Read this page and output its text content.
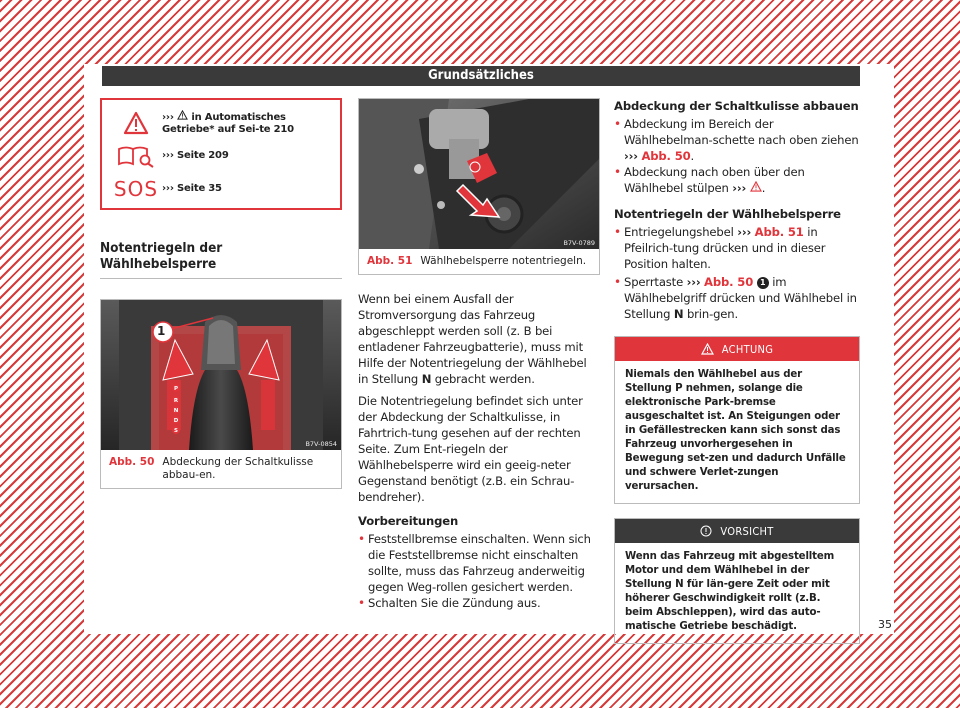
Grundsätzliches
›››  in Automatisches Getriebe* auf Sei-te 210
››› Seite 209
SOS ››› Seite 35
Notentriegeln der Wählhebelsperre
1
P
R
N
D
S
B7V-0854
Abb. 50 Abdeckung der Schaltkulisse abbau-en.
B7V-0789
Abb. 51 Wählhebelsperre notentriegeln.

Wenn bei einem Ausfall der Stromversorgung das Fahrzeug abgeschleppt werden soll (z. B bei entladener Fahrzeugbatterie), muss mit Hilfe der Notentriegelung der Wählhebel in Stellung N gebracht werden.

Die Notentriegelung befindet sich unter der Abdeckung der Schaltkulisse, in Fahrtrich-tung gesehen auf der rechten Seite. Zum Ent-riegeln der Wählhebelsperre wird ein geeig-neter Gegenstand benötigt (z.B. ein Schrau-bendreher).

Vorbereitungen
• Feststellbremse einschalten. Wenn sich die Feststellbremse nicht einschalten sollte, muss das Fahrzeug anderweitig gegen Weg-rollen gesichert werden.
• Schalten Sie die Zündung aus.
Abdeckung der Schaltkulisse abbauen
• Abdeckung im Bereich der Wählhebelman-schette nach oben ziehen ››› Abb. 50.
• Abdeckung nach oben über den Wählhebel stülpen ››› .
Notentriegeln der Wählhebelsperre
• Entriegelungshebel ››› Abb. 51 in Pfeilrich-tung drücken und in dieser Position halten.
• Sperrtaste ››› Abb. 50 1 im Wählhebelgriff drücken und Wählhebel in Stellung N brin-gen.
ACHTUNG
Niemals den Wählhebel aus der Stellung P nehmen, solange die elektronische Park-bremse ausgeschaltet ist. An Steigungen oder in Gefällestrecken kann sich sonst das Fahrzeug unvorhergesehen in Bewegung set-zen und dadurch Unfälle und schwere Verlet-zungen verursachen.
VORSICHT
Wenn das Fahrzeug mit abgestelltem Motor und dem Wählhebel in der Stellung N für län-gere Zeit oder mit höherer Geschwindigkeit rollt (z.B. beim Abschleppen), wird das auto-matische Getriebe beschädigt.	35
